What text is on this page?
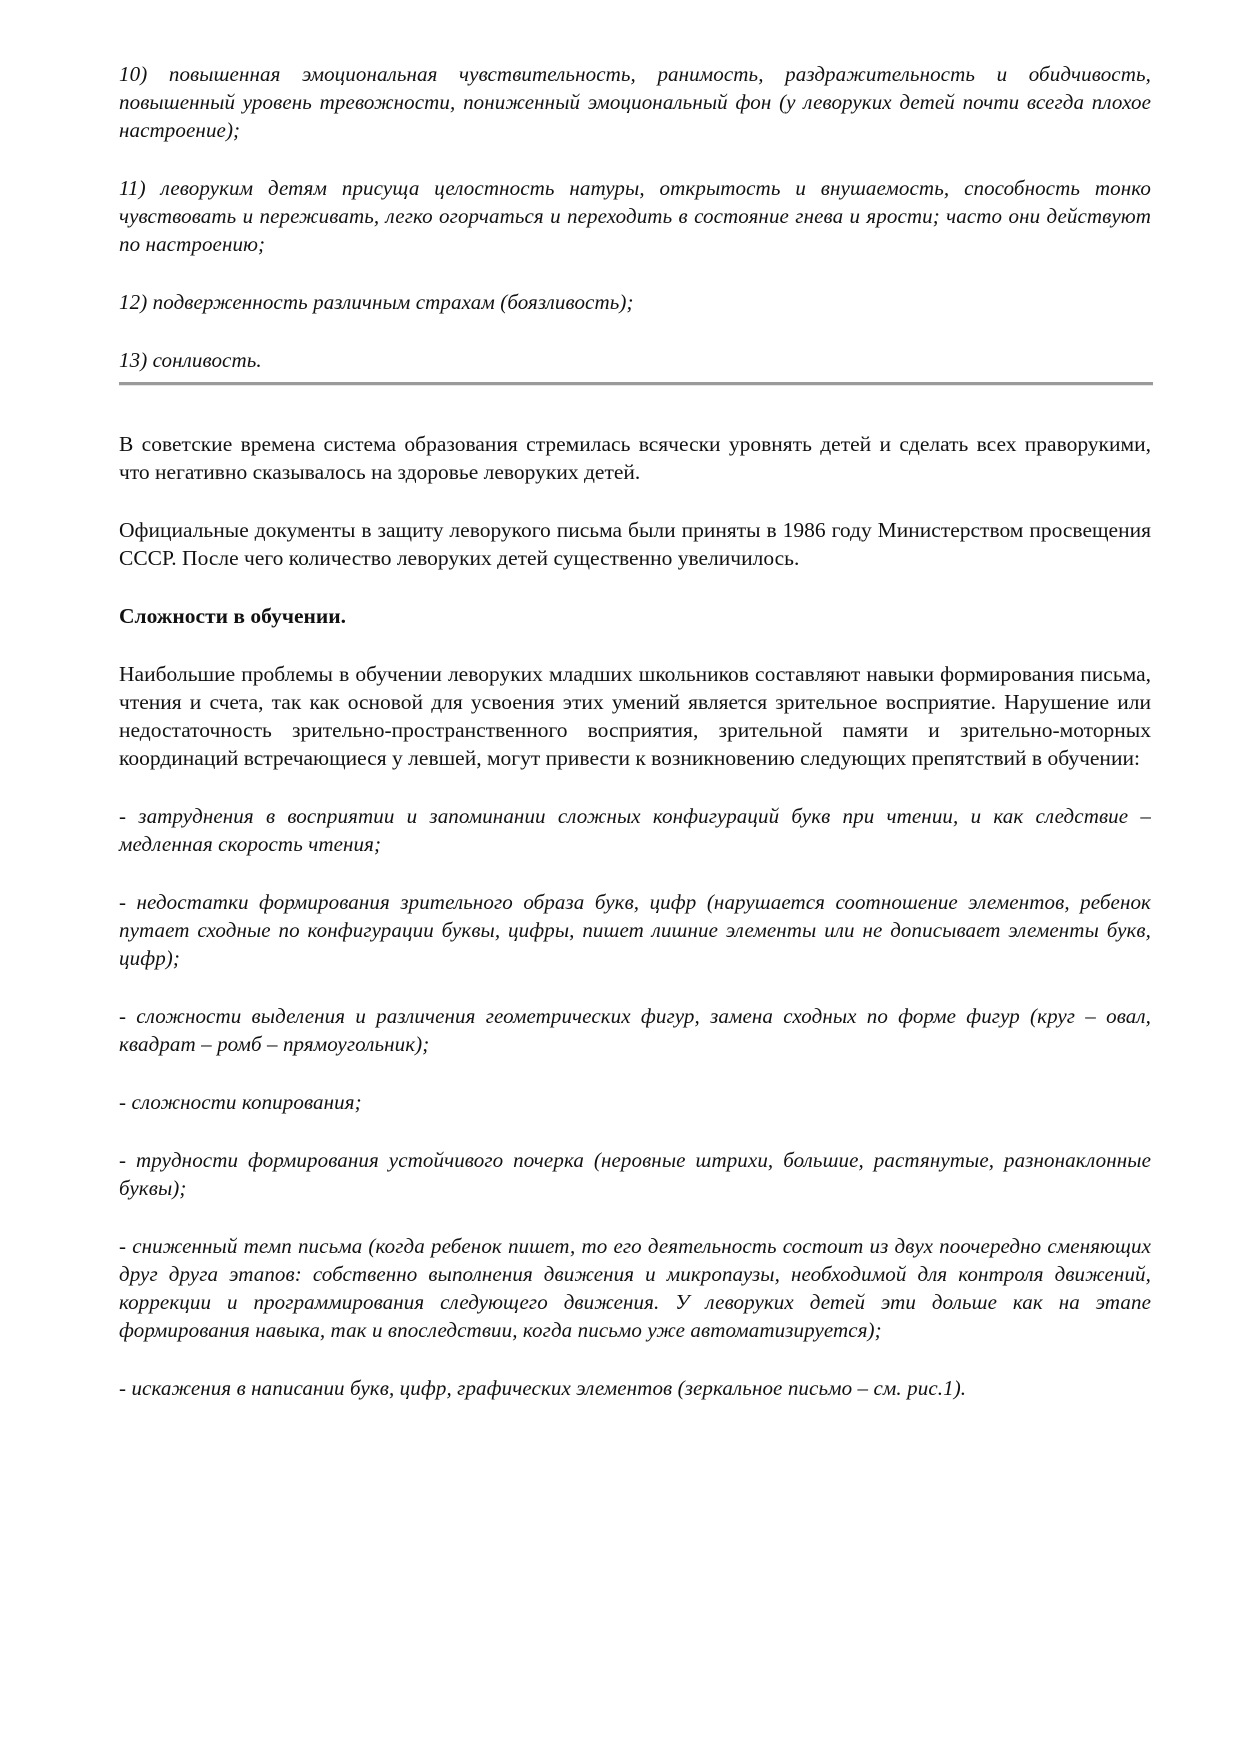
10) повышенная эмоциональная чувствительность, ранимость, раздражительность и обидчивость, повышенный уровень тревожности, пониженный эмоциональный фон (у леворуких детей почти всегда плохое настроение);

11) леворуким детям присуща целостность натуры, открытость и внушаемость, способность тонко чувствовать и переживать, легко огорчаться и переходить в состояние гнева и ярости; часто они действуют по настроению;

12) подверженность различным страхам (боязливость);

13) сонливость.

В советские времена система образования стремилась всячески уровнять детей и сделать всех праворукими, что негативно сказывалось на здоровье леворуких детей.

Официальные документы в защиту леворукого письма были приняты в 1986 году Министерством просвещения СССР. После чего количество леворуких детей существенно увеличилось.

Сложности в обучении.

Наибольшие проблемы в обучении леворуких младших школьников составляют навыки формирования письма, чтения и счета, так как основой для усвоения этих умений является зрительное восприятие. Нарушение или недостаточность зрительно-пространственного восприятия, зрительной памяти и зрительно-моторных координаций встречающиеся у левшей, могут привести к возникновению следующих препятствий в обучении:

- затруднения в восприятии и запоминании сложных конфигураций букв при чтении, и как следствие – медленная скорость чтения;

- недостатки формирования зрительного образа букв, цифр (нарушается соотношение элементов, ребенок путает сходные по конфигурации буквы, цифры, пишет лишние элементы или не дописывает элементы букв, цифр);

- сложности выделения и различения геометрических фигур, замена сходных по форме фигур (круг – овал, квадрат – ромб – прямоугольник);

- сложности копирования;

- трудности формирования устойчивого почерка (неровные штрихи, большие, растянутые, разнонаклонные буквы);

- сниженный темп письма (когда ребенок пишет, то его деятельность состоит из двух поочередно сменяющих друг друга этапов: собственно выполнения движения и микропаузы, необходимой для контроля движений, коррекции и программирования следующего движения. У леворуких детей эти дольше как на этапе формирования навыка, так и впоследствии, когда письмо уже автоматизируется);

- искажения в написании букв, цифр, графических элементов (зеркальное письмо – см. рис.1).
